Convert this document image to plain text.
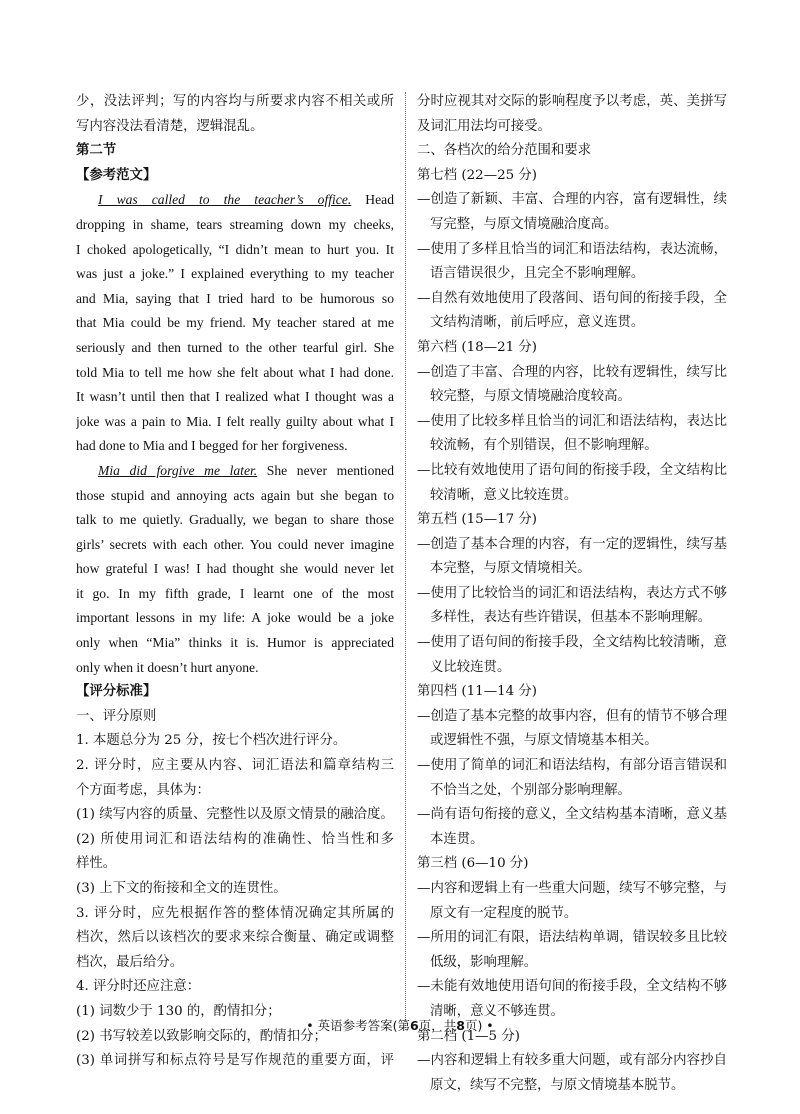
少，没法评判；写的内容均与所要求内容不相关或所
写内容没法看清楚，逻辑混乱。
第二节
【参考范文】
I was called to the teacher’s office. Head
dropping in shame, tears streaming down my cheeks,
I choked apologetically, “I didn’t mean to hurt you. It
was just a joke.” I explained everything to my teacher
and Mia, saying that I tried hard to be humorous so
that Mia could be my friend. My teacher stared at me
seriously and then turned to the other tearful girl. She
told Mia to tell me how she felt about what I had done.
It wasn’t until then that I realized what I thought was a
joke was a pain to Mia. I felt really guilty about what I
had done to Mia and I begged for her forgiveness.
Mia did forgive me later. She never mentioned
those stupid and annoying acts again but she began to
talk to me quietly. Gradually, we began to share those
girls’ secrets with each other. You could never imagine
how grateful I was! I had thought she would never let
it go. In my fifth grade, I learnt one of the most
important lessons in my life: A joke would be a joke
only when “Mia” thinks it is. Humor is appreciated
only when it doesn’t hurt anyone.
【评分标准】
一、评分原则
1. 本题总分为 25 分，按七个档次进行评分。
2. 评分时，应主要从内容、词汇语法和篇章结构三
个方面考虑，具体为：
(1) 续写内容的质量、完整性以及原文情景的融洽度。
(2) 所使用词汇和语法结构的准确性、恰当性和多
样性。
(3) 上下文的衔接和全文的连贯性。
3. 评分时，应先根据作答的整体情况确定其所属的
档次，然后以该档次的要求来综合衡量、确定或调整
档次，最后给分。
4. 评分时还应注意：
(1) 词数少于 130 的，酌情扣分；
(2) 书写较差以致影响交际的，酌情扣分；
(3) 单词拼写和标点符号是写作规范的重要方面，评
分时应视其对交际的影响程度予以考虑，英、美拼写
及词汇用法均可接受。
二、各档次的给分范围和要求
第七档 (22—25 分)
—创造了新颖、丰富、合理的内容，富有逻辑性，续
写完整，与原文情境融洽度高。
—使用了多样且恰当的词汇和语法结构，表达流畅，
语言错误很少，且完全不影响理解。
—自然有效地使用了段落间、语句间的衔接手段，全
文结构清晰，前后呼应，意义连贯。
第六档 (18—21 分)
—创造了丰富、合理的内容，比较有逻辑性，续写比
较完整，与原文情境融洽度较高。
—使用了比较多样且恰当的词汇和语法结构，表达比
较流畅，有个别错误，但不影响理解。
—比较有效地使用了语句间的衔接手段，全文结构比
较清晰，意义比较连贯。
第五档 (15—17 分)
—创造了基本合理的内容，有一定的逻辑性，续写基
本完整，与原文情境相关。
—使用了比较恰当的词汇和语法结构，表达方式不够
多样性，表达有些许错误，但基本不影响理解。
—使用了语句间的衔接手段，全文结构比较清晰，意
义比较连贯。
第四档 (11—14 分)
—创造了基本完整的故事内容，但有的情节不够合理
或逻辑性不强，与原文情境基本相关。
—使用了简单的词汇和语法结构，有部分语言错误和
不恰当之处，个别部分影响理解。
—尚有语句衔接的意义，全文结构基本清晰，意义基
本连贯。
第三档 (6—10 分)
—内容和逻辑上有一些重大问题，续写不够完整，与
原文有一定程度的脱节。
—所用的词汇有限，语法结构单调，错误较多且比较
低级，影响理解。
—未能有效地使用语句间的衔接手段，全文结构不够
清晰，意义不够连贯。
第二档 (1—5 分)
—内容和逻辑上有较多重大问题，或有部分内容抄自
原文，续写不完整，与原文情境基本脱节。
• 英语参考答案(第6页，共8页) •
